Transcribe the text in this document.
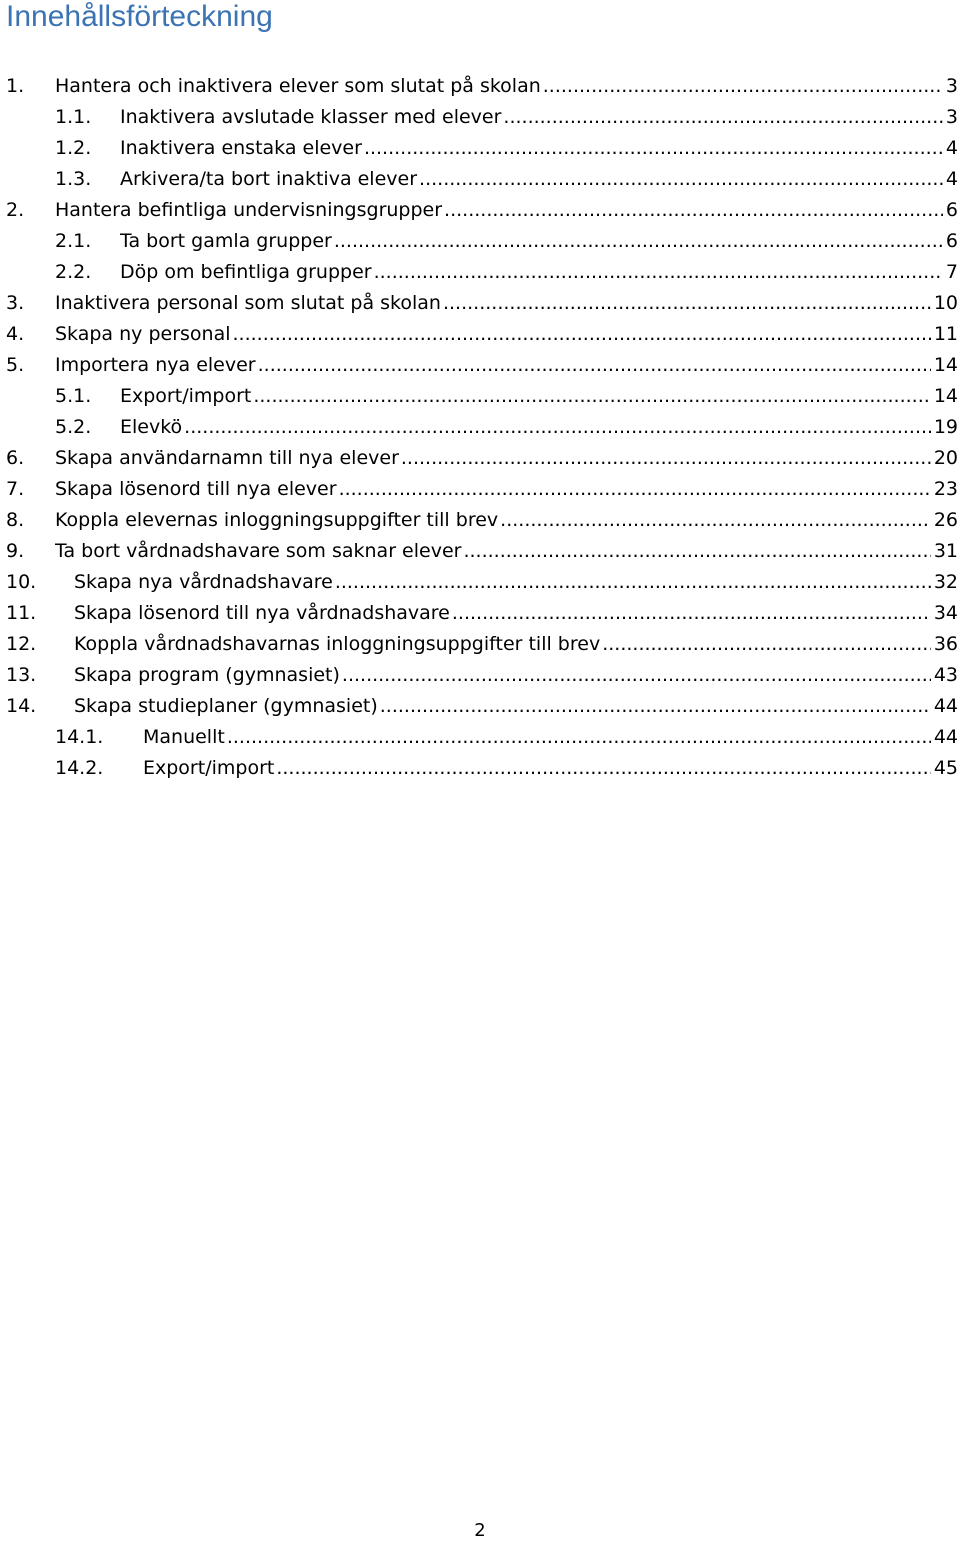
Innehållsförteckning
1. Hantera och inaktivera elever som slutat på skolan .....	3
1.1. Inaktivera avslutade klasser med elever .....	3
1.2. Inaktivera enstaka elever .....	4
1.3. Arkivera/ta bort inaktiva elever .....	4
2. Hantera befintliga undervisningsgrupper .....	6
2.1. Ta bort gamla grupper .....	6
2.2. Döp om befintliga grupper .....	7
3. Inaktivera personal som slutat på skolan .....	10
4. Skapa ny personal .....	11
5. Importera nya elever .....	14
5.1. Export/import .....	14
5.2. Elevkö .....	19
6. Skapa användarnamn till nya elever .....	20
7. Skapa lösenord till nya elever .....	23
8. Koppla elevernas inloggningsuppgifter till brev .....	26
9. Ta bort vårdnadshavare som saknar elever .....	31
10. Skapa nya vårdnadshavare .....	32
11. Skapa lösenord till nya vårdnadshavare .....	34
12. Koppla vårdnadshavarnas inloggningsuppgifter till brev .....	36
13. Skapa program (gymnasiet) .....	43
14. Skapa studieplaner (gymnasiet) .....	44
14.1. Manuellt .....	44
14.2. Export/import .....	45
2
